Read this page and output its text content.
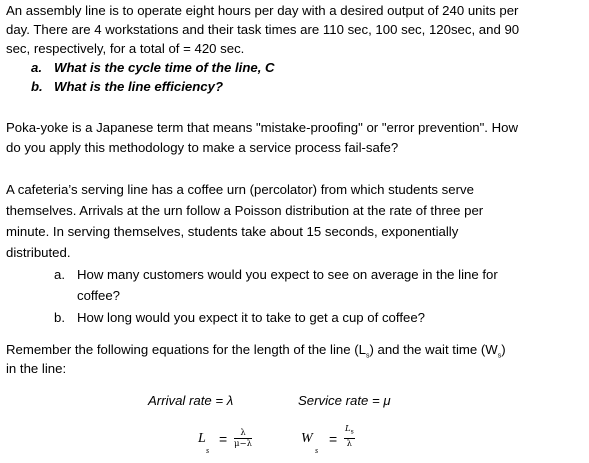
An assembly line is to operate eight hours per day with a desired output of 240 units per
day. There are 4 workstations and their task times are 110 sec, 100 sec, 120sec, and 90
sec, respectively, for a total of = 420 sec.
a. What is the cycle time of the line, C
b. What is the line efficiency?
Poka-yoke is a Japanese term that means "mistake-proofing" or "error prevention". How
do you apply this methodology to make a service process fail-safe?
A cafeteria’s serving line has a coffee urn (percolator) from which students serve
themselves. Arrivals at the urn follow a Poisson distribution at the rate of three per
minute. In serving themselves, students take about 15 seconds, exponentially
distributed.
a. How many customers would you expect to see on average in the line for
coffee?
b. How long would you expect it to take to get a cup of coffee?
Remember the following equations for the length of the line $(L_s)$ and the wait time $(W_s)$
in the line:
Arrival rate = λ	Service rate = μ
L
s
= $\frac{\lambda}{\mu-\lambda}$	W
s
= $\frac{L_s}{\lambda}$
